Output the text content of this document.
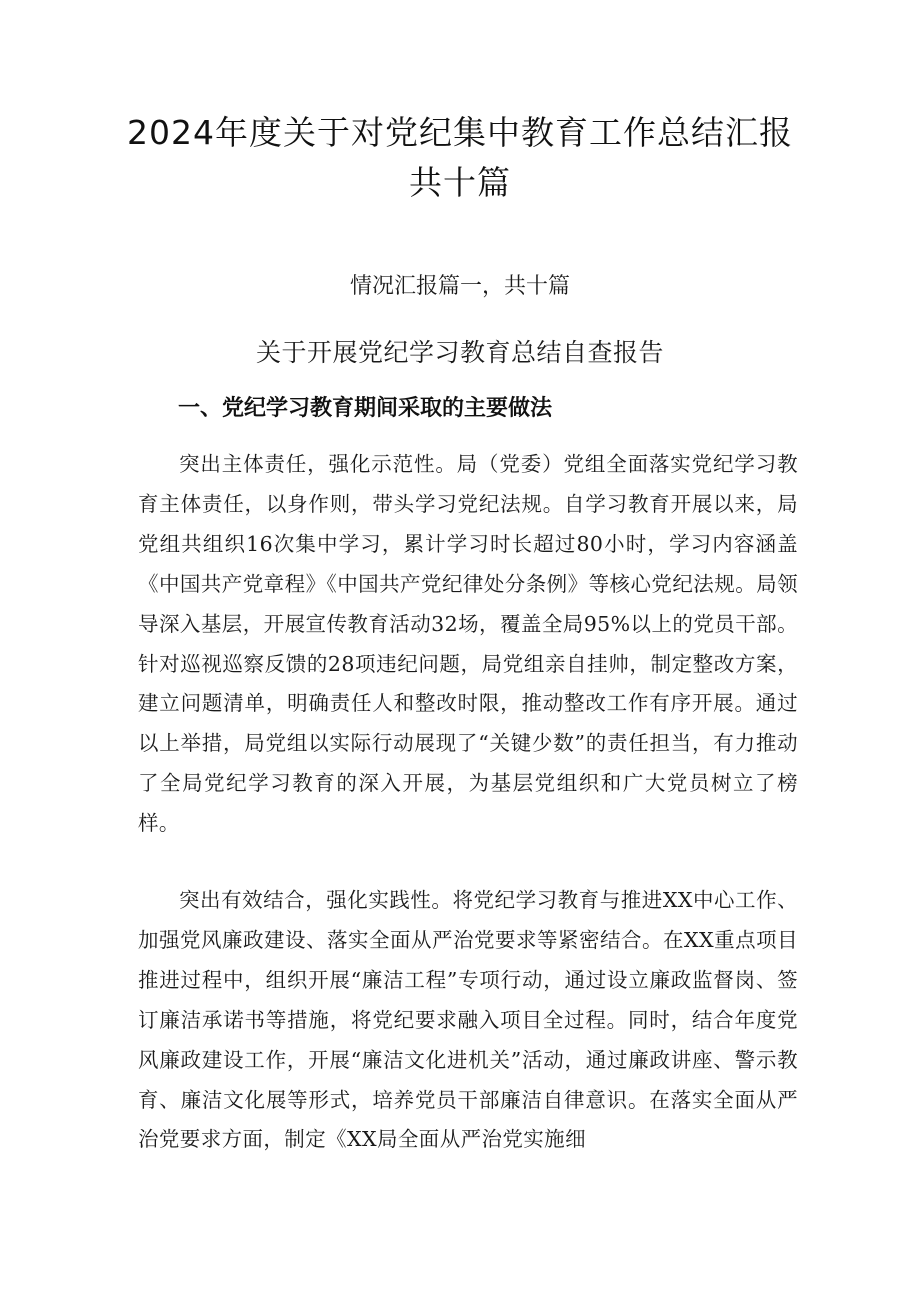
2024年度关于对党纪集中教育工作总结汇报共十篇

情况汇报篇一，共十篇

关于开展党纪学习教育总结自查报告
一、党纪学习教育期间采取的主要做法

突出主体责任，强化示范性。局（党委）党组全面落实党纪学习教育主体责任，以身作则，带头学习党纪法规。自学习教育开展以来，局党组共组织16次集中学习，累计学习时长超过80小时，学习内容涵盖《中国共产党章程》《中国共产党纪律处分条例》等核心党纪法规。局领导深入基层，开展宣传教育活动32场，覆盖全局95%以上的党员干部。针对巡视巡察反馈的28项违纪问题，局党组亲自挂帅，制定整改方案，建立问题清单，明确责任人和整改时限，推动整改工作有序开展。通过以上举措，局党组以实际行动展现了“关键少数”的责任担当，有力推动了全局党纪学习教育的深入开展，为基层党组织和广大党员树立了榜样。

突出有效结合，强化实践性。将党纪学习教育与推进XX中心工作、加强党风廉政建设、落实全面从严治党要求等紧密结合。在XX重点项目推进过程中，组织开展“廉洁工程”专项行动，通过设立廉政监督岗、签订廉洁承诺书等措施，将党纪要求融入项目全过程。同时，结合年度党风廉政建设工作，开展“廉洁文化进机关”活动，通过廉政讲座、警示教育、廉洁文化展等形式，培养党员干部廉洁自律意识。在落实全面从严治党要求方面，制定《XX局全面从严治党实施细
